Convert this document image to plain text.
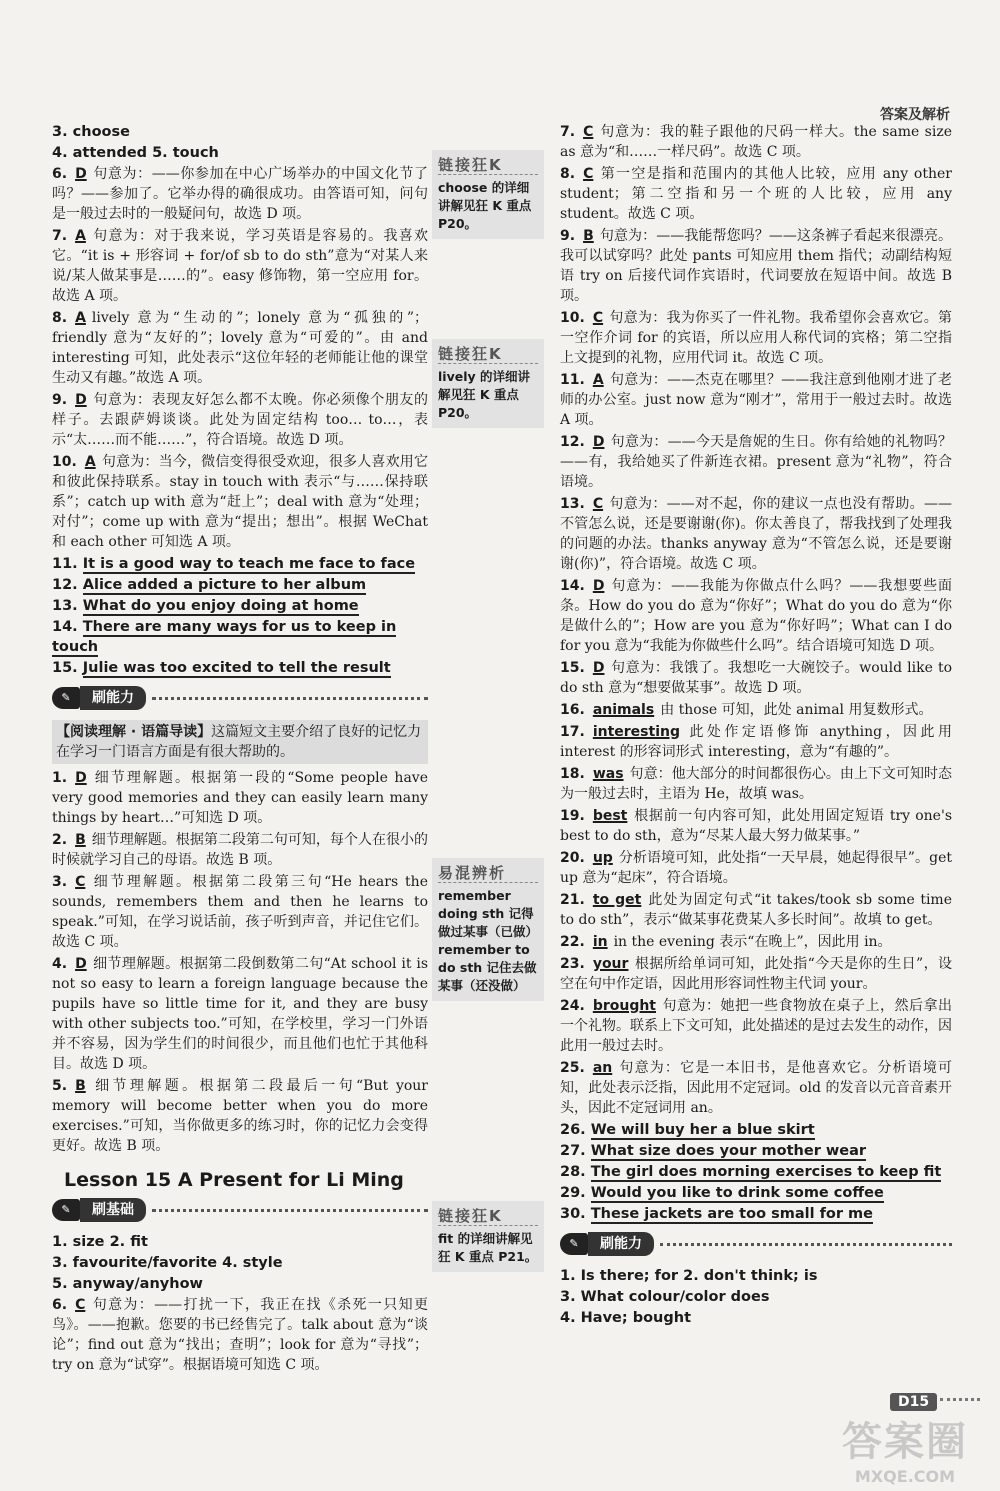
答案及解析
3. choose
4. attended 5. touch
6. D 句意为：——你参加在中心广场举办的中国文化节了吗？——参加了。它举办得的确很成功。由答语可知，问句是一般过去时的一般疑问句，故选 D 项。
7. A 句意为：对于我来说，学习英语是容易的。我喜欢它。“it is + 形容词 + for/of sb to do sth”意为“对某人来说/某人做某事是……的”。easy 修饰物，第一空应用 for。故选 A 项。
8. A lively 意为“生动的”；lonely 意为“孤独的”；friendly 意为“友好的”；lovely 意为“可爱的”。由 and interesting 可知，此处表示“这位年轻的老师能让他的课堂生动又有趣。”故选 A 项。
9. D 句意为：表现友好怎么都不太晚。你必须像个朋友的样子。去跟萨姆谈谈。此处为固定结构 too… to…，表示“太……而不能……”，符合语境。故选 D 项。
10. A 句意为：当今，微信变得很受欢迎，很多人喜欢用它和彼此保持联系。stay in touch with 表示“与……保持联系”；catch up with 意为“赶上”；deal with 意为“处理；对付”；come up with 意为“提出；想出”。根据 WeChat 和 each other 可知选 A 项。
11. It is a good way to teach me face to face
12. Alice added a picture to her album
13. What do you enjoy doing at home
14. There are many ways for us to keep in touch
15. Julie was too excited to tell the result
✎	刷能力
【阅读理解 · 语篇导读】这篇短文主要介绍了良好的记忆力在学习一门语言方面是有很大帮助的。
1. D 细节理解题。根据第一段的“Some people have very good memories and they can easily learn many things by heart…”可知选 D 项。
2. B 细节理解题。根据第二段第二句可知，每个人在很小的时候就学习自己的母语。故选 B 项。
3. C 细节理解题。根据第二段第三句“He hears the sounds, remembers them and then he learns to speak.”可知，在学习说话前，孩子听到声音，并记住它们。故选 C 项。
4. D 细节理解题。根据第二段倒数第二句“At school it is not so easy to learn a foreign language because the pupils have so little time for it, and they are busy with other subjects too.”可知，在学校里，学习一门外语并不容易，因为学生们的时间很少，而且他们也忙于其他科目。故选 D 项。
5. B 细节理解题。根据第二段最后一句“But your memory will become better when you do more exercises.”可知，当你做更多的练习时，你的记忆力会变得更好。故选 B 项。
Lesson 15 A Present for Li Ming
✎	刷基础
1. size 2. fit
3. favourite/favorite 4. style
5. anyway/anyhow
6. C 句意为：——打扰一下，我正在找《杀死一只知更鸟》。——抱歉。您要的书已经售完了。talk about 意为“谈论”；find out 意为“找出；查明”；look for 意为“寻找”；try on 意为“试穿”。根据语境可知选 C 项。
链接狂K
choose 的详细讲解见狂 K 重点 P20。
链接狂K
lively 的详细讲解见狂 K 重点 P20。
易混辨析
remember doing sth 记得做过某事（已做） remember to do sth 记住去做某事（还没做）
链接狂K
fit 的详细讲解见狂 K 重点 P21。
7. C 句意为：我的鞋子跟他的尺码一样大。the same size as 意为“和……一样尺码”。故选 C 项。
8. C 第一空是指和范围内的其他人比较，应用 any other student；第二空指和另一个班的人比较，应用 any student。故选 C 项。
9. B 句意为：——我能帮您吗？——这条裤子看起来很漂亮。我可以试穿吗？此处 pants 可知应用 them 指代；动副结构短语 try on 后接代词作宾语时，代词要放在短语中间。故选 B 项。
10. C 句意为：我为你买了一件礼物。我希望你会喜欢它。第一空作介词 for 的宾语，所以应用人称代词的宾格；第二空指上文提到的礼物，应用代词 it。故选 C 项。
11. A 句意为：——杰克在哪里？——我注意到他刚才进了老师的办公室。just now 意为“刚才”，常用于一般过去时。故选 A 项。
12. D 句意为：——今天是詹妮的生日。你有给她的礼物吗？——有，我给她买了件新连衣裙。present 意为“礼物”，符合语境。
13. C 句意为：——对不起，你的建议一点也没有帮助。——不管怎么说，还是要谢谢(你)。你太善良了，帮我找到了处理我的问题的办法。thanks anyway 意为“不管怎么说，还是要谢谢(你)”，符合语境。故选 C 项。
14. D 句意为：——我能为你做点什么吗？——我想要些面条。How do you do 意为“你好”；What do you do 意为“你是做什么的”；How are you 意为“你好吗”；What can I do for you 意为“我能为你做些什么吗”。结合语境可知选 D 项。
15. D 句意为：我饿了。我想吃一大碗饺子。would like to do sth 意为“想要做某事”。故选 D 项。
16. animals 由 those 可知，此处 animal 用复数形式。
17. interesting 此处作定语修饰 anything，因此用 interest 的形容词形式 interesting，意为“有趣的”。
18. was 句意：他大部分的时间都很伤心。由上下文可知时态为一般过去时，主语为 He，故填 was。
19. best 根据前一句内容可知，此处用固定短语 try one's best to do sth，意为“尽某人最大努力做某事。”
20. up 分析语境可知，此处指“一天早晨，她起得很早”。get up 意为“起床”，符合语境。
21. to get 此处为固定句式“it takes/took sb some time to do sth”，表示“做某事花费某人多长时间”。故填 to get。
22. in in the evening 表示“在晚上”，因此用 in。
23. your 根据所给单词可知，此处指“今天是你的生日”，设空在句中作定语，因此用形容词性物主代词 your。
24. brought 句意为：她把一些食物放在桌子上，然后拿出一个礼物。联系上下文可知，此处描述的是过去发生的动作，因此用一般过去时。
25. an 句意为：它是一本旧书，是他喜欢它。分析语境可知，此处表示泛指，因此用不定冠词。old 的发音以元音音素开头，因此不定冠词用 an。
26. We will buy her a blue skirt
27. What size does your mother wear
28. The girl does morning exercises to keep fit
29. Would you like to drink some coffee
30. These jackets are too small for me
✎	刷能力
1. Is there; for 2. don't think; is
3. What colour/color does
4. Have; bought
D15
答案圈
MXQE.COM
